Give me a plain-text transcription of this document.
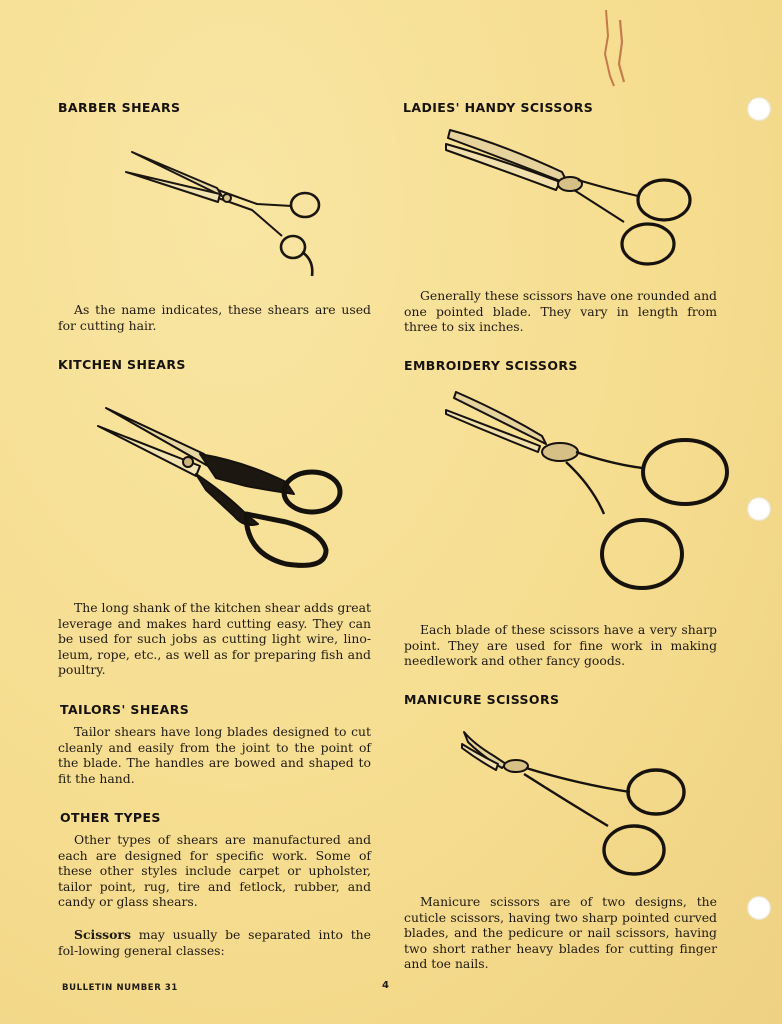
BARBER SHEARS

As the name indicates, these shears are used for cutting hair.

KITCHEN SHEARS

The long shank of the kitchen shear adds great leverage and makes hard cutting easy. They can be used for such jobs as cutting light wire, lino-leum, rope, etc., as well as for preparing fish and poultry.

TAILORS' SHEARS

Tailor shears have long blades designed to cut cleanly and easily from the joint to the point of the blade. The handles are bowed and shaped to fit the hand.

OTHER TYPES

Other types of shears are manufactured and each are designed for specific work. Some of these other styles include carpet or upholster, tailor point, rug, tire and fetlock, rubber, and candy or glass shears.

Scissors may usually be separated into the fol-lowing general classes:

LADIES' HANDY SCISSORS

Generally these scissors have one rounded and one pointed blade. They vary in length from three to six inches.

EMBROIDERY SCISSORS

Each blade of these scissors have a very sharp point. They are used for fine work in making needlework and other fancy goods.

MANICURE SCISSORS

Manicure scissors are of two designs, the cuticle scissors, having two sharp pointed curved blades, and the pedicure or nail scissors, having two short rather heavy blades for cutting finger and toe nails.

BULLETIN NUMBER 31	4
